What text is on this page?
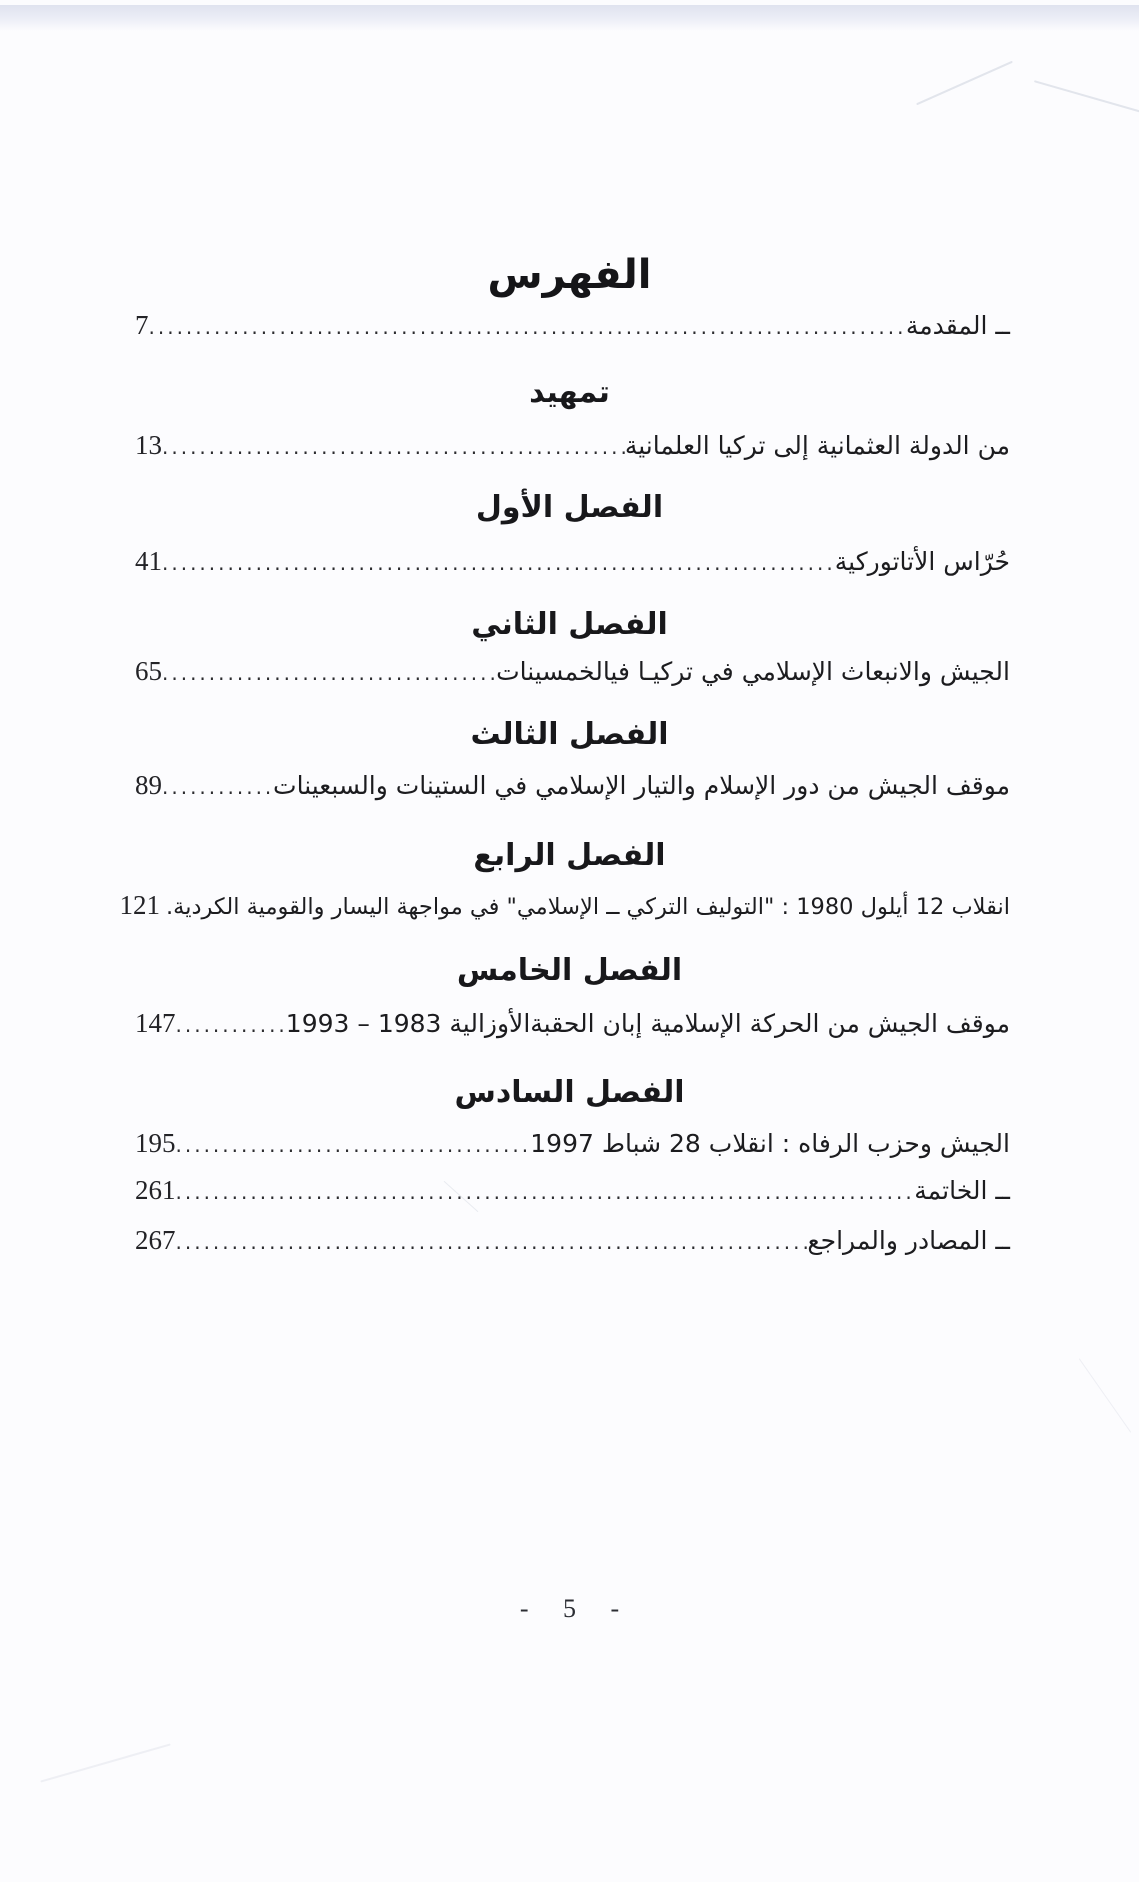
الفهرس
ــ المقدمة
.....
7
تمهيد
من الدولة العثمانية إلى تركيا العلمانية
.....
13
الفصل الأول
حُرّاس الأتاتوركية
.....
41
الفصل الثاني
الجيش والانبعاث الإسلامي في تركيـا فيالخمسينات
.....
65
الفصل الثالث
موقف الجيش من دور الإسلام والتيار الإسلامي في الستينات والسبعينات
.....
89
الفصل الرابع
انقلاب 12 أيلول 1980 : "التوليف التركي ــ الإسلامي" في مواجهة اليسار والقومية الكردية.
121
الفصل الخامس
موقف الجيش من الحركة الإسلامية إبان الحقبةالأوزالية 1983 – 1993
.....
147
الفصل السادس
الجيش وحزب الرفاه : انقلاب 28 شباط 1997
.....
195
ــ الخاتمة
.....
261
ــ المصادر والمراجع
.....
267
- 5 -
